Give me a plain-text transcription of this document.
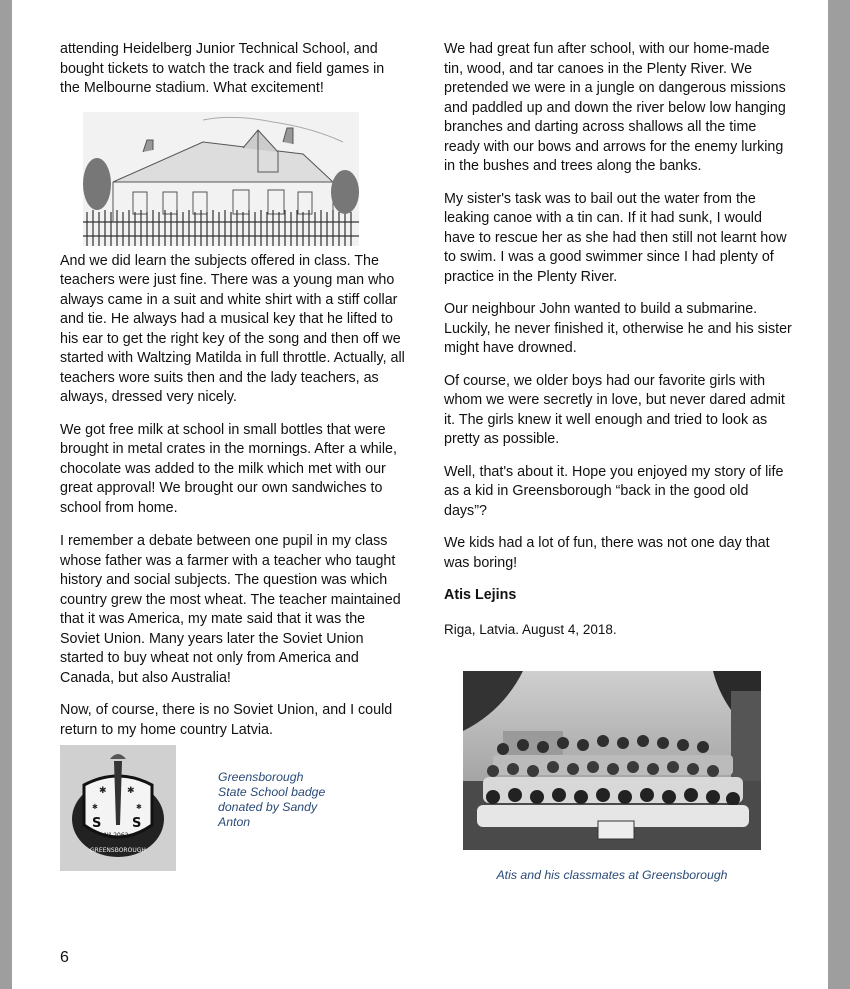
attending Heidelberg Junior Technical School, and bought tickets to watch the track and field games in the Melbourne stadium. What excitement!

And we did learn the subjects offered in class. The teachers were just fine. There was a young man who always came in a suit and white shirt with a stiff collar and tie. He always had a musical key that he lifted to his ear to get the right key of the song and then off we started with Waltzing Matilda in full throttle. Actually, all teachers wore suits then and the lady teachers, as always, dressed very nicely.

We got free milk at school in small bottles that were brought in metal crates in the mornings. After a while, chocolate was added to the milk which met with our great approval! We brought our own sandwiches to school from home.

I remember a debate between one pupil in my class whose father was a farmer with a teacher who taught history and social subjects. The question was which country grew the most wheat. The teacher maintained that it was America, my mate said that it was the Soviet Union. Many years later the Soviet Union started to buy wheat not only from America and Canada, but also Australia!

Now, of course, there is no Soviet Union, and I could return to my home country Latvia.

✱ ✱
✱	✱
S S
Nº 2062
GREENSBOROUGH
Greensborough State School badge donated by Sandy Anton

We had great fun after school, with our home-made tin, wood, and tar canoes in the Plenty River. We pretended we were in a jungle on dangerous missions and paddled up and down the river below low hanging branches and darting across shallows all the time ready with our bows and arrows for the enemy lurking in the bushes and trees along the banks.

My sister's task was to bail out the water from the leaking canoe with a tin can. If it had sunk, I would have to rescue her as she had then still not learnt how to swim. I was a good swimmer since I had plenty of practice in the Plenty River.

Our neighbour John wanted to build a submarine. Luckily, he never finished it, otherwise he and his sister might have drowned.

Of course, we older boys had our favorite girls with whom we were secretly in love, but never dared admit it. The girls knew it well enough and tried to look as pretty as possible.

Well, that's about it. Hope you enjoyed my story of life as a kid in Greensborough “back in the good old days”?

We kids had a lot of fun, there was not one day that was boring!

Atis Lejins

Riga, Latvia. August 4, 2018.

Atis and his classmates at Greensborough
6
